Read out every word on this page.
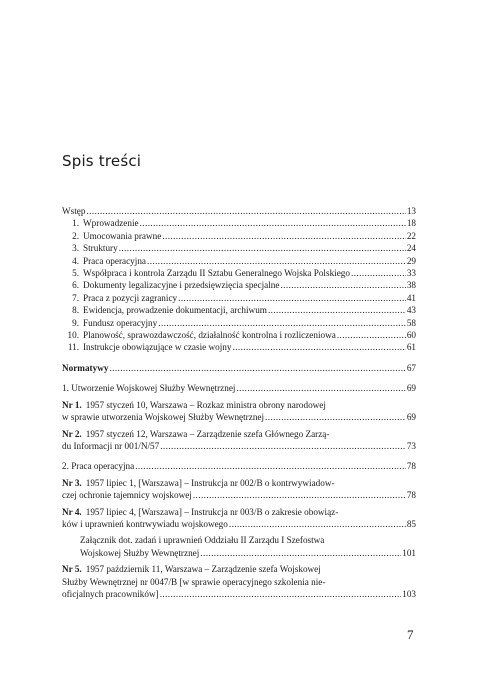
Spis treści
Wstęp .....	13
1. Wprowadzenie .....	18
2. Umocowania prawne .....	22
3. Struktury .....	24
4. Praca operacyjna .....	29
5. Współpraca i kontrola Zarządu II Sztabu Generalnego Wojska Polskiego .....	33
6. Dokumenty legalizacyjne i przedsięwzięcia specjalne .....	38
7. Praca z pozycji zagranicy .....	41
8. Ewidencja, prowadzenie dokumentacji, archiwum .....	43
9. Fundusz operacyjny .....	58
10. Planowość, sprawozdawczość, działalność kontrolna i rozliczeniowa .....	60
11. Instrukcje obowiązujące w czasie wojny .....	61
Normatywy .....	67
1. Utworzenie Wojskowej Służby Wewnętrznej .....	69
Nr 1. 1957 styczeń 10, Warszawa – Rozkaz ministra obrony narodowej
w sprawie utworzenia Wojskowej Służby Wewnętrznej .....	69
Nr 2. 1957 styczeń 12, Warszawa – Zarządzenie szefa Głównego Zarzą-
du Informacji nr 001/N/57 .....	73
2. Praca operacyjna .....	78
Nr 3. 1957 lipiec 1, [Warszawa] – Instrukcja nr 002/B o kontrwywiadow-
czej ochronie tajemnicy wojskowej .....	78
Nr 4. 1957 lipiec 4, [Warszawa] – Instrukcja nr 003/B o zakresie obowiąz-
ków i uprawnień kontrwywiadu wojskowego .....	85
Załącznik dot. zadań i uprawnień Oddziału II Zarządu I Szefostwa
Wojskowej Służby Wewnętrznej .....	101
Nr 5. 1957 październik 11, Warszawa – Zarządzenie szefa Wojskowej
Służby Wewnętrznej nr 0047/B [w sprawie operacyjnego szkolenia nie-
oficjalnych pracowników] .....	103
7
